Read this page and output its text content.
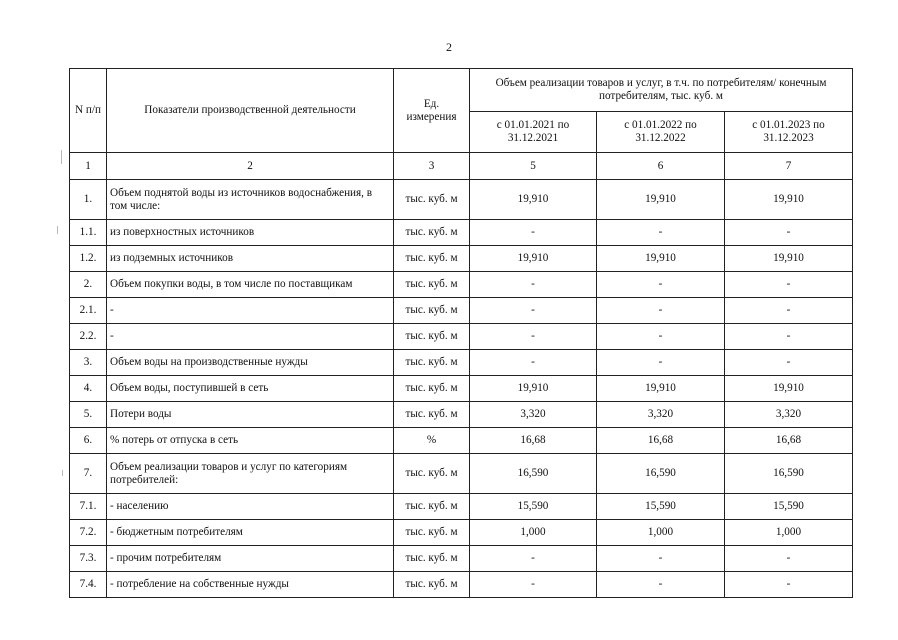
2
N п/п	Показатели производственной деятельности	Ед. измерения	Объем реализации товаров и услуг, в т.ч. по потребителям/ конечным потребителям, тыс. куб. м		
			с 01.01.2021 по 31.12.2021	с 01.01.2022 по 31.12.2022	с 01.01.2023 по 31.12.2023
1	2	3	5	6	7
1.	Объем поднятой воды из источников водоснабжения, в том числе:	тыс. куб. м	19,910	19,910	19,910
1.1.	из поверхностных источников	тыс. куб. м	-	-	-
1.2.	из подземных источников	тыс. куб. м	19,910	19,910	19,910
2.	Объем покупки воды, в том числе по поставщикам	тыс. куб. м	-	-	-
2.1.	-	тыс. куб. м	-	-	-
2.2.	-	тыс. куб. м	-	-	-
3.	Объем воды на производственные нужды	тыс. куб. м	-	-	-
4.	Объем воды, поступившей в сеть	тыс. куб. м	19,910	19,910	19,910
5.	Потери воды	тыс. куб. м	3,320	3,320	3,320
6.	% потерь от отпуска в сеть	%	16,68	16,68	16,68
7.	Объем реализации товаров и услуг по категориям потребителей:	тыс. куб. м	16,590	16,590	16,590
7.1.	- населению	тыс. куб. м	15,590	15,590	15,590
7.2.	- бюджетным потребителям	тыс. куб. м	1,000	1,000	1,000
7.3.	- прочим потребителям	тыс. куб. м	-	-	-
7.4.	- потребление на собственные нужды	тыс. куб. м	-	-	-
